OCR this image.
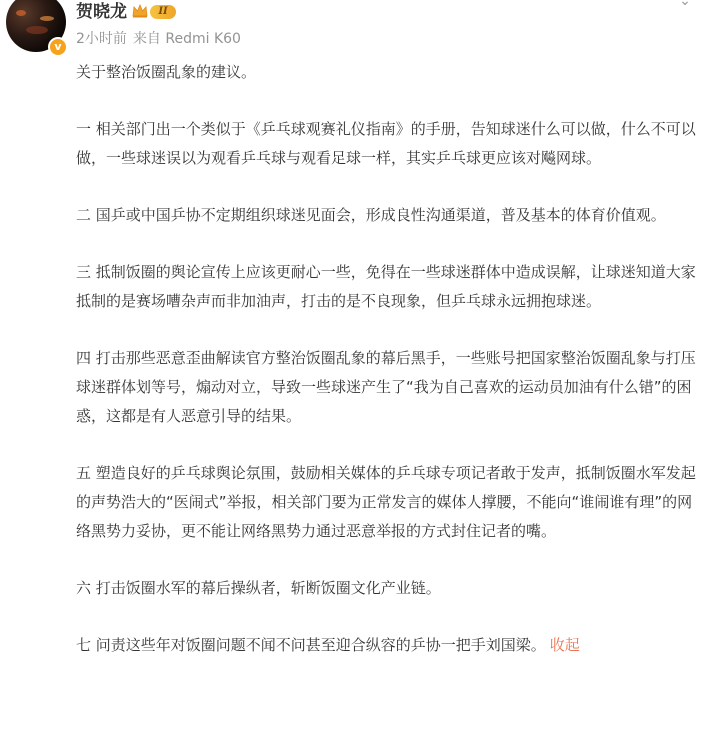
v
贺晓龙	II
2小时前 来自 Redmi K60
⌄

关于整治饭圈乱象的建议。

一 相关部门出一个类似于《乒乓球观赛礼仪指南》的手册，告知球迷什么可以做，什么不可以做，一些球迷误以为观看乒乓球与观看足球一样，其实乒乓球更应该对飚网球。

二 国乒或中国乒协不定期组织球迷见面会，形成良性沟通渠道，普及基本的体育价值观。

三 抵制饭圈的舆论宣传上应该更耐心一些，免得在一些球迷群体中造成误解，让球迷知道大家抵制的是赛场嘈杂声而非加油声，打击的是不良现象，但乒乓球永远拥抱球迷。

四 打击那些恶意歪曲解读官方整治饭圈乱象的幕后黑手，一些账号把国家整治饭圈乱象与打压球迷群体划等号，煽动对立，导致一些球迷产生了“我为自己喜欢的运动员加油有什么错”的困惑，这都是有人恶意引导的结果。

五 塑造良好的乒乓球舆论氛围，鼓励相关媒体的乒乓球专项记者敢于发声，抵制饭圈水军发起的声势浩大的“医闹式”举报，相关部门要为正常发言的媒体人撑腰，不能向“谁闹谁有理”的网络黑势力妥协，更不能让网络黑势力通过恶意举报的方式封住记者的嘴。

六 打击饭圈水军的幕后操纵者，斩断饭圈文化产业链。

七 问责这些年对饭圈问题不闻不问甚至迎合纵容的乒协一把手刘国梁。 收起
